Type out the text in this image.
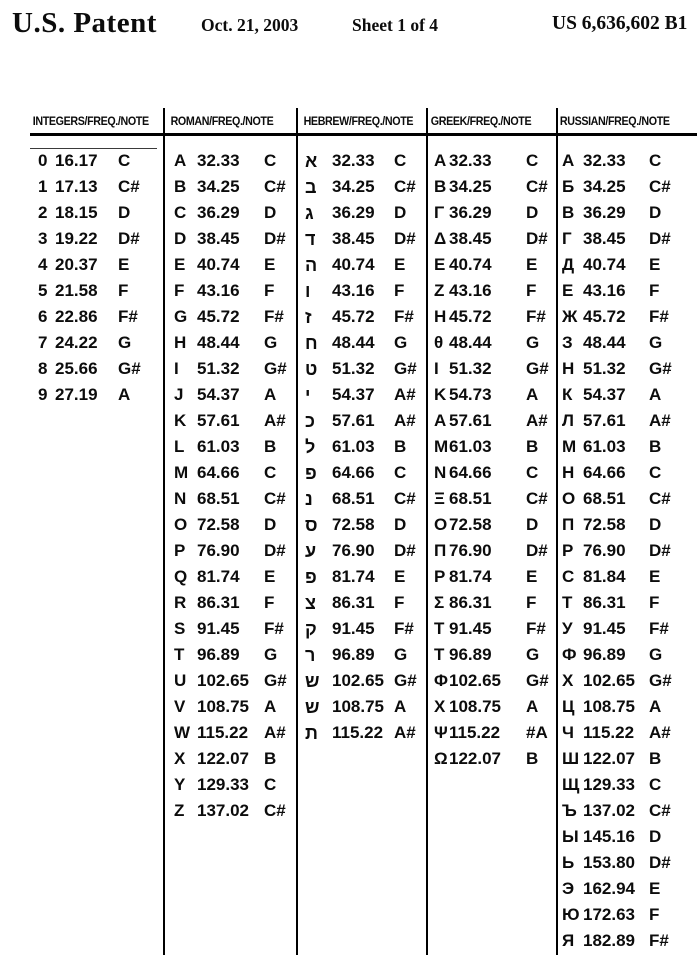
U.S. Patent	Oct. 21, 2003	Sheet 1 of 4	US 6,636,602 B1
INTEGERS/FREQ./NOTE
0 16.17	C
1 17.13	C#
2 18.15	D
3 19.22	D#
4 20.37	E
5 21.58	F
6 22.86	F#
7 24.22	G
8 25.66	G#
9 27.19	A
ROMAN/FREQ./NOTE
A 32.33	C
B 34.25	C#
C 36.29	D
D 38.45	D#
E 40.74	E
F 43.16	F
G 45.72	F#
H 48.44	G
I	51.32	G#
J 54.37	A
K 57.61	A#
L 61.03	B
M 64.66	C
N 68.51	C#
O 72.58	D
P 76.90	D#
Q 81.74	E
R 86.31	F
S 91.45	F#
T 96.89	G
U 102.65 G#
V 108.75 A
W 115.22 A#
X 122.07 B
Y 129.33 C
Z 137.02 C#
HEBREW/FREQ./NOTE
א 32.33	C
ב 34.25	C#
ג	36.29	D
ד 38.45	D#
ה 40.74	E
ו	43.16	F
ז	45.72	F#
ח 48.44	G
ט 51.32	G#
י	54.37	A#
כ	57.61	A#
ל 61.03	B
פ 64.66	C
נ	68.51	C#
ס 72.58	D
ע 76.90	D#
פ 81.74	E
צ 86.31	F
ק 91.45	F#
ר 96.89	G
ש 102.65 G#
ש 108.75 A
ת 115.22 A#
GREEK/FREQ./NOTE
A 32.33	C
B 34.25	C#
Γ 36.29	D
Δ 38.45	D#
E 40.74	E
Z 43.16	F
H 45.72	F#
θ 48.44	G
I 51.32	G#
K 54.73	A
A 57.61	A#
M 61.03	B
N 64.66	C
Ξ 68.51	C#
O 72.58	D
Π 76.90	D#
P 81.74	E
Σ 86.31	F
T 91.45	F#
T 96.89	G
Φ 102.65	G#
X 108.75	A
Ψ 115.22	#A
Ω 122.07	B
RUSSIAN/FREQ./NOTE
А 32.33	C
Б 34.25	C#
В 36.29	D
Г 38.45	D#
Д 40.74	E
Е 43.16	F
Ж 45.72	F#
З 48.44	G
Н 51.32	G#
К 54.37	A
Л 57.61	A#
М 61.03	B
Н 64.66	C
О 68.51	C#
П 72.58	D
Р 76.90	D#
С 81.84	E
Т 86.31	F
У 91.45	F#
Ф 96.89	G
Х 102.65 G#
Ц 108.75 A
Ч 115.22 A#
Ш 122.07 B
Щ 129.33 C
Ъ 137.02 C#
Ы 145.16 D
Ь 153.80 D#
Э 162.94 E
Ю 172.63 F
Я 182.89 F#
